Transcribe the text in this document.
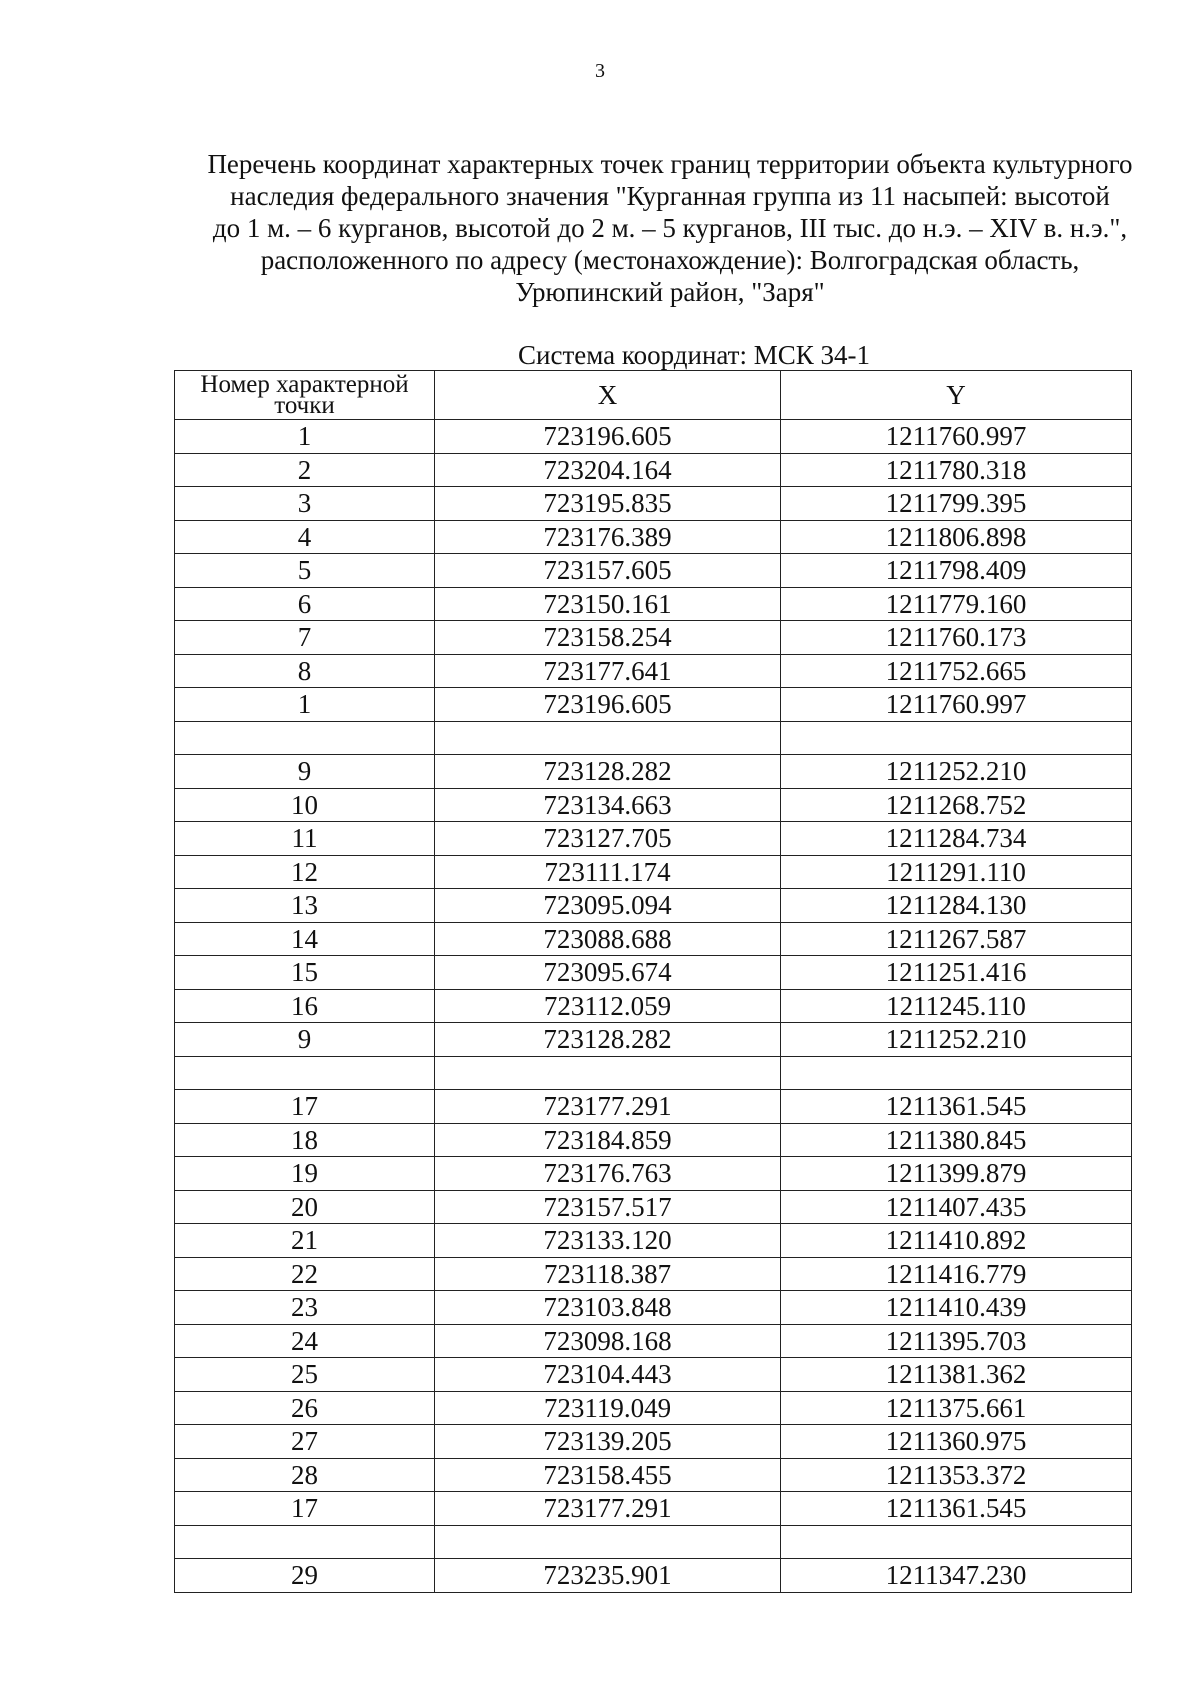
3
Перечень координат характерных точек границ территории объекта культурного
наследия федерального значения "Курганная группа из 11 насыпей: высотой
до 1 м. – 6 курганов, высотой до 2 м. – 5 курганов, III тыс. до н.э. – XIV в. н.э.",
расположенного по адресу (местонахождение): Волгоградская область,
Урюпинский район, "Заря"
Система координат: МСК 34-1
Номер характерной точки	X	Y
1	723196.605	1211760.997
2	723204.164	1211780.318
3	723195.835	1211799.395
4	723176.389	1211806.898
5	723157.605	1211798.409
6	723150.161	1211779.160
7	723158.254	1211760.173
8	723177.641	1211752.665
1	723196.605	1211760.997

9	723128.282	1211252.210
10	723134.663	1211268.752
11	723127.705	1211284.734
12	723111.174	1211291.110
13	723095.094	1211284.130
14	723088.688	1211267.587
15	723095.674	1211251.416
16	723112.059	1211245.110
9	723128.282	1211252.210

17	723177.291	1211361.545
18	723184.859	1211380.845
19	723176.763	1211399.879
20	723157.517	1211407.435
21	723133.120	1211410.892
22	723118.387	1211416.779
23	723103.848	1211410.439
24	723098.168	1211395.703
25	723104.443	1211381.362
26	723119.049	1211375.661
27	723139.205	1211360.975
28	723158.455	1211353.372
17	723177.291	1211361.545

29	723235.901	1211347.230
